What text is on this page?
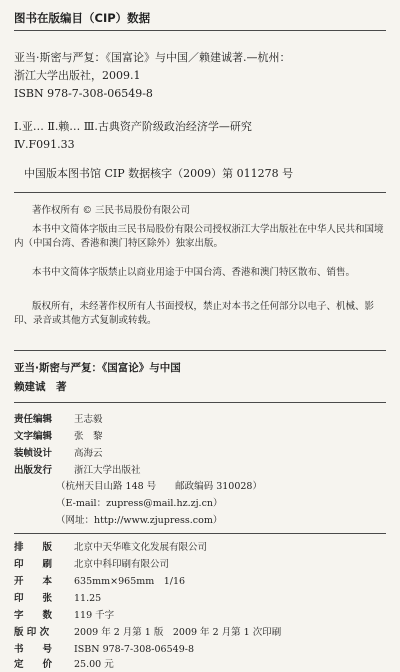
图书在版编目（CIP）数据
亚当·斯密与严复：《国富论》与中国／赖建诚著.—杭州：
浙江大学出版社，2009.1
ISBN 978-7-308-06549-8
Ⅰ.亚… Ⅱ.赖… Ⅲ.古典资产阶级政治经济学—研究
Ⅳ.F091.33
中国版本图书馆 CIP 数据核字（2009）第 011278 号
著作权所有 © 三民书局股份有限公司
本书中文简体字版由三民书局股份有限公司授权浙江大学出版社在中华人民共和国境内（中国台湾、香港和澳门特区除外）独家出版。
本书中文简体字版禁止以商业用途于中国台湾、香港和澳门特区散布、销售。
版权所有，未经著作权所有人书面授权，禁止对本书之任何部分以电子、机械、影印、录音或其他方式复制或转载。
亚当·斯密与严复：《国富论》与中国
赖建诚　著
责任编辑 王志毅
文字编辑 张　黎
装帧设计 高海云
出版发行 浙江大学出版社
（杭州天目山路 148 号　　邮政编码 310028）
（E-mail：zupress@mail.hz.zj.cn）
（网址：http://www.zjupress.com）
排　　版 北京中天华唯文化发展有限公司
印　　刷 北京中科印刷有限公司
开　　本 635mm×965mm　1/16
印　　张 11.25
字　　数 119 千字
版 印 次	2009 年 2 月第 1 版　2009 年 2 月第 1 次印刷
书　　号 ISBN 978-7-308-06549-8
定　　价 25.00 元
